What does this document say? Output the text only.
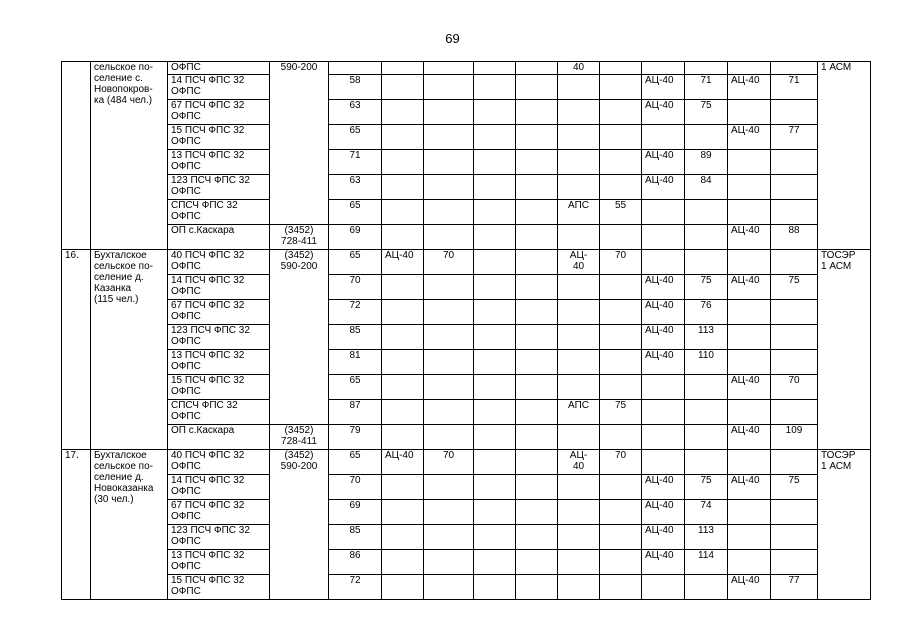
69
	сельское по-
селение с.
Новопокров-
ка (484 чел.)	ОФПС	590-200						40						1 АСМ
		14 ПСЧ ФПС 32
ОФПС		58							АЦ-40	71	АЦ-40	71	
		67 ПСЧ ФПС 32
ОФПС		63							АЦ-40	75			
		15 ПСЧ ФПС 32
ОФПС		65									АЦ-40	77	
		13 ПСЧ ФПС 32
ОФПС		71							АЦ-40	89			
		123 ПСЧ ФПС 32
ОФПС		63							АЦ-40	84			
		СПСЧ ФПС 32
ОФПС		65					АПС	55					
		ОП с.Каскара	(3452)
728-411	69									АЦ-40	88	
16.	Бухталское
сельское по-
селение д.
Казанка
(115 чел.)	40 ПСЧ ФПС 32
ОФПС	(3452)
590-200	65	АЦ-40	70			АЦ-
40	70					ТОСЭР
1 АСМ
		14 ПСЧ ФПС 32
ОФПС		70							АЦ-40	75	АЦ-40	75	
		67 ПСЧ ФПС 32
ОФПС		72							АЦ-40	76			
		123 ПСЧ ФПС 32
ОФПС		85							АЦ-40	113			
		13 ПСЧ ФПС 32
ОФПС		81							АЦ-40	110			
		15 ПСЧ ФПС 32
ОФПС		65									АЦ-40	70	
		СПСЧ ФПС 32
ОФПС		87					АПС	75					
		ОП с.Каскара	(3452)
728-411	79									АЦ-40	109	
17.	Бухталское
сельское по-
селение д.
Новоказанка
(30 чел.)	40 ПСЧ ФПС 32
ОФПС	(3452)
590-200	65	АЦ-40	70			АЦ-
40	70					ТОСЭР
1 АСМ
		14 ПСЧ ФПС 32
ОФПС		70							АЦ-40	75	АЦ-40	75	
		67 ПСЧ ФПС 32
ОФПС		69							АЦ-40	74			
		123 ПСЧ ФПС 32
ОФПС		85							АЦ-40	113			
		13 ПСЧ ФПС 32
ОФПС		86							АЦ-40	114			
		15 ПСЧ ФПС 32
ОФПС		72									АЦ-40	77	
